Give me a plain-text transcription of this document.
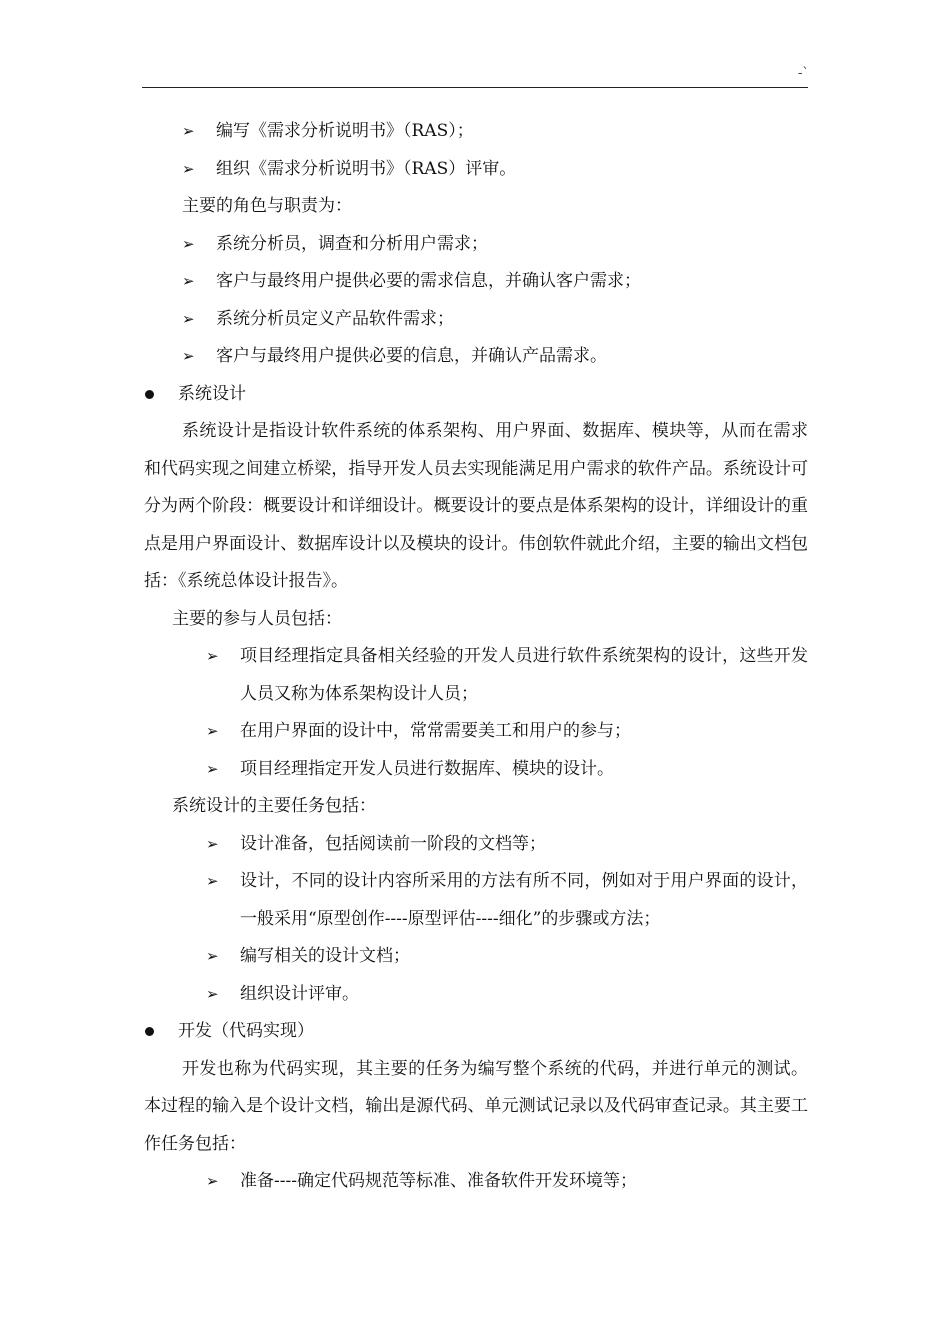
-`
➢ 编写《需求分析说明书》（RAS）；
➢ 组织《需求分析说明书》（RAS）评审。
主要的角色与职责为：
➢ 系统分析员，调查和分析用户需求；
➢ 客户与最终用户提供必要的需求信息，并确认客户需求；
➢ 系统分析员定义产品软件需求；
➢ 客户与最终用户提供必要的信息，并确认产品需求。
系统设计
系统设计是指设计软件系统的体系架构、用户界面、数据库、模块等，从而在需求和代码实现之间建立桥梁，指导开发人员去实现能满足用户需求的软件产品。系统设计可分为两个阶段：概要设计和详细设计。概要设计的要点是体系架构的设计，详细设计的重点是用户界面设计、数据库设计以及模块的设计。伟创软件就此介绍，主要的输出文档包括：《系统总体设计报告》。
主要的参与人员包括：
➢ 项目经理指定具备相关经验的开发人员进行软件系统架构的设计，这些开发人员又称为体系架构设计人员；
➢ 在用户界面的设计中，常常需要美工和用户的参与；
➢ 项目经理指定开发人员进行数据库、模块的设计。
系统设计的主要任务包括：
➢ 设计准备，包括阅读前一阶段的文档等；
➢ 设计，不同的设计内容所采用的方法有所不同，例如对于用户界面的设计，一般采用“原型创作----原型评估----细化”的步骤或方法；
➢ 编写相关的设计文档；
➢ 组织设计评审。
开发（代码实现）
开发也称为代码实现，其主要的任务为编写整个系统的代码，并进行单元的测试。本过程的输入是个设计文档，输出是源代码、单元测试记录以及代码审查记录。其主要工作任务包括：
➢ 准备----确定代码规范等标准、准备软件开发环境等；
